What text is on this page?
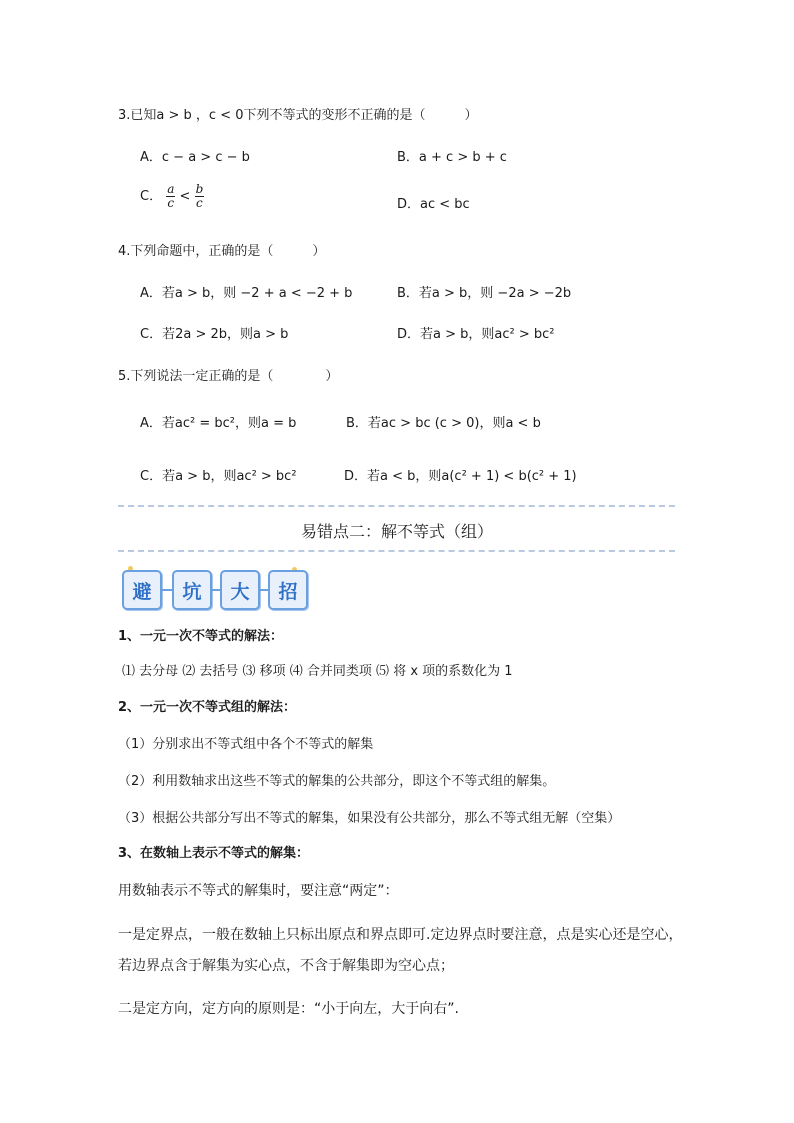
3.已知a > b ，c < 0下列不等式的变形不正确的是（　　　）
A．c − a > c − b	B．a + c > b + c
C． $\frac{a}{c} < \frac{b}{c}$	D．ac < bc
4.下列命题中，正确的是（　　　）
A．若a > b，则 −2 + a < −2 + b	B．若a > b，则 −2a > −2b
C．若2a > 2b，则a > b	D．若a > b，则ac² > bc²
5.下列说法一定正确的是（　　　　）
A．若ac² = bc²，则a = b	B．若ac > bc (c > 0)，则a < b
C．若a > b，则ac² > bc²	D．若a < b，则a(c² + 1) < b(c² + 1)
易错点二：解不等式（组）
避	坑	大	招
1、一元一次不等式的解法：
⑴ 去分母 ⑵ 去括号 ⑶ 移项 ⑷ 合并同类项 ⑸ 将 x 项的系数化为 1
2、一元一次不等式组的解法：
（1）分别求出不等式组中各个不等式的解集
（2）利用数轴求出这些不等式的解集的公共部分，即这个不等式组的解集。
（3）根据公共部分写出不等式的解集，如果没有公共部分，那么不等式组无解（空集）
3、在数轴上表示不等式的解集：
用数轴表示不等式的解集时，要注意“两定”：
一是定界点，一般在数轴上只标出原点和界点即可.定边界点时要注意，点是实心还是空心，
若边界点含于解集为实心点，不含于解集即为空心点；
二是定方向，定方向的原则是：“小于向左，大于向右”.
